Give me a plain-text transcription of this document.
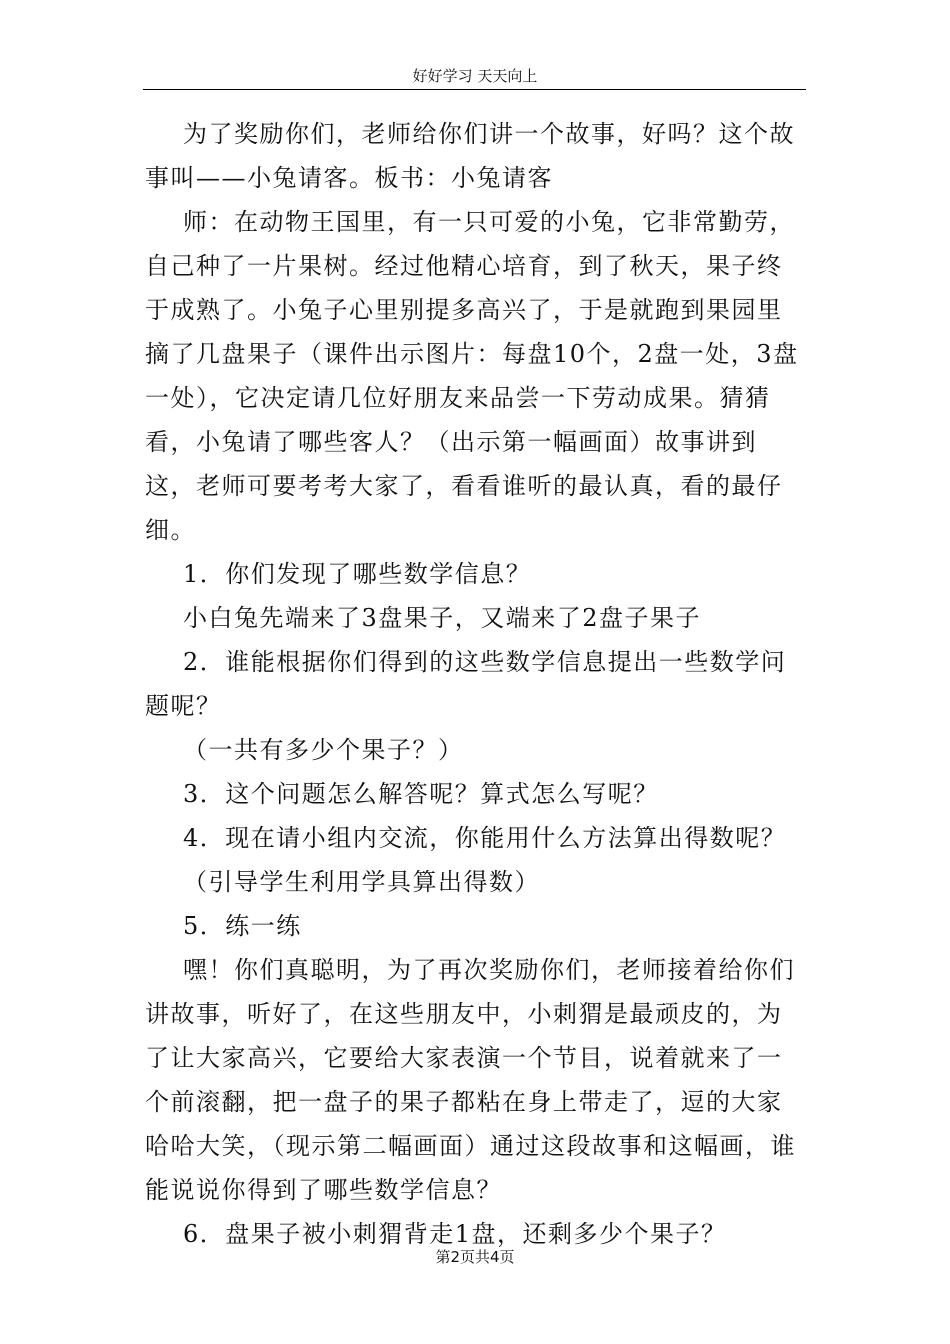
好好学习 天天向上

为了奖励你们，老师给你们讲一个故事，好吗？这个故事叫——小兔请客。板书：小兔请客

师：在动物王国里，有一只可爱的小兔，它非常勤劳，自己种了一片果树。经过他精心培育，到了秋天，果子终于成熟了。小兔子心里别提多高兴了，于是就跑到果园里摘了几盘果子（课件出示图片：每盘10个，2盘一处，3盘一处），它决定请几位好朋友来品尝一下劳动成果。猜猜看，小兔请了哪些客人？（出示第一幅画面）故事讲到这，老师可要考考大家了，看看谁听的最认真，看的最仔细。

1．你们发现了哪些数学信息？

小白兔先端来了3盘果子，又端来了2盘子果子

2．谁能根据你们得到的这些数学信息提出一些数学问题呢？

（一共有多少个果子？）

3．这个问题怎么解答呢？算式怎么写呢？

4．现在请小组内交流，你能用什么方法算出得数呢？

（引导学生利用学具算出得数）

5．练一练

嘿！你们真聪明，为了再次奖励你们，老师接着给你们讲故事，听好了，在这些朋友中，小刺猬是最顽皮的，为了让大家高兴，它要给大家表演一个节目，说着就来了一个前滚翻，把一盘子的果子都粘在身上带走了，逗的大家哈哈大笑，（现示第二幅画面）通过这段故事和这幅画，谁能说说你得到了哪些数学信息？

6．盘果子被小刺猬背走1盘，还剩多少个果子？

第2页共4页
